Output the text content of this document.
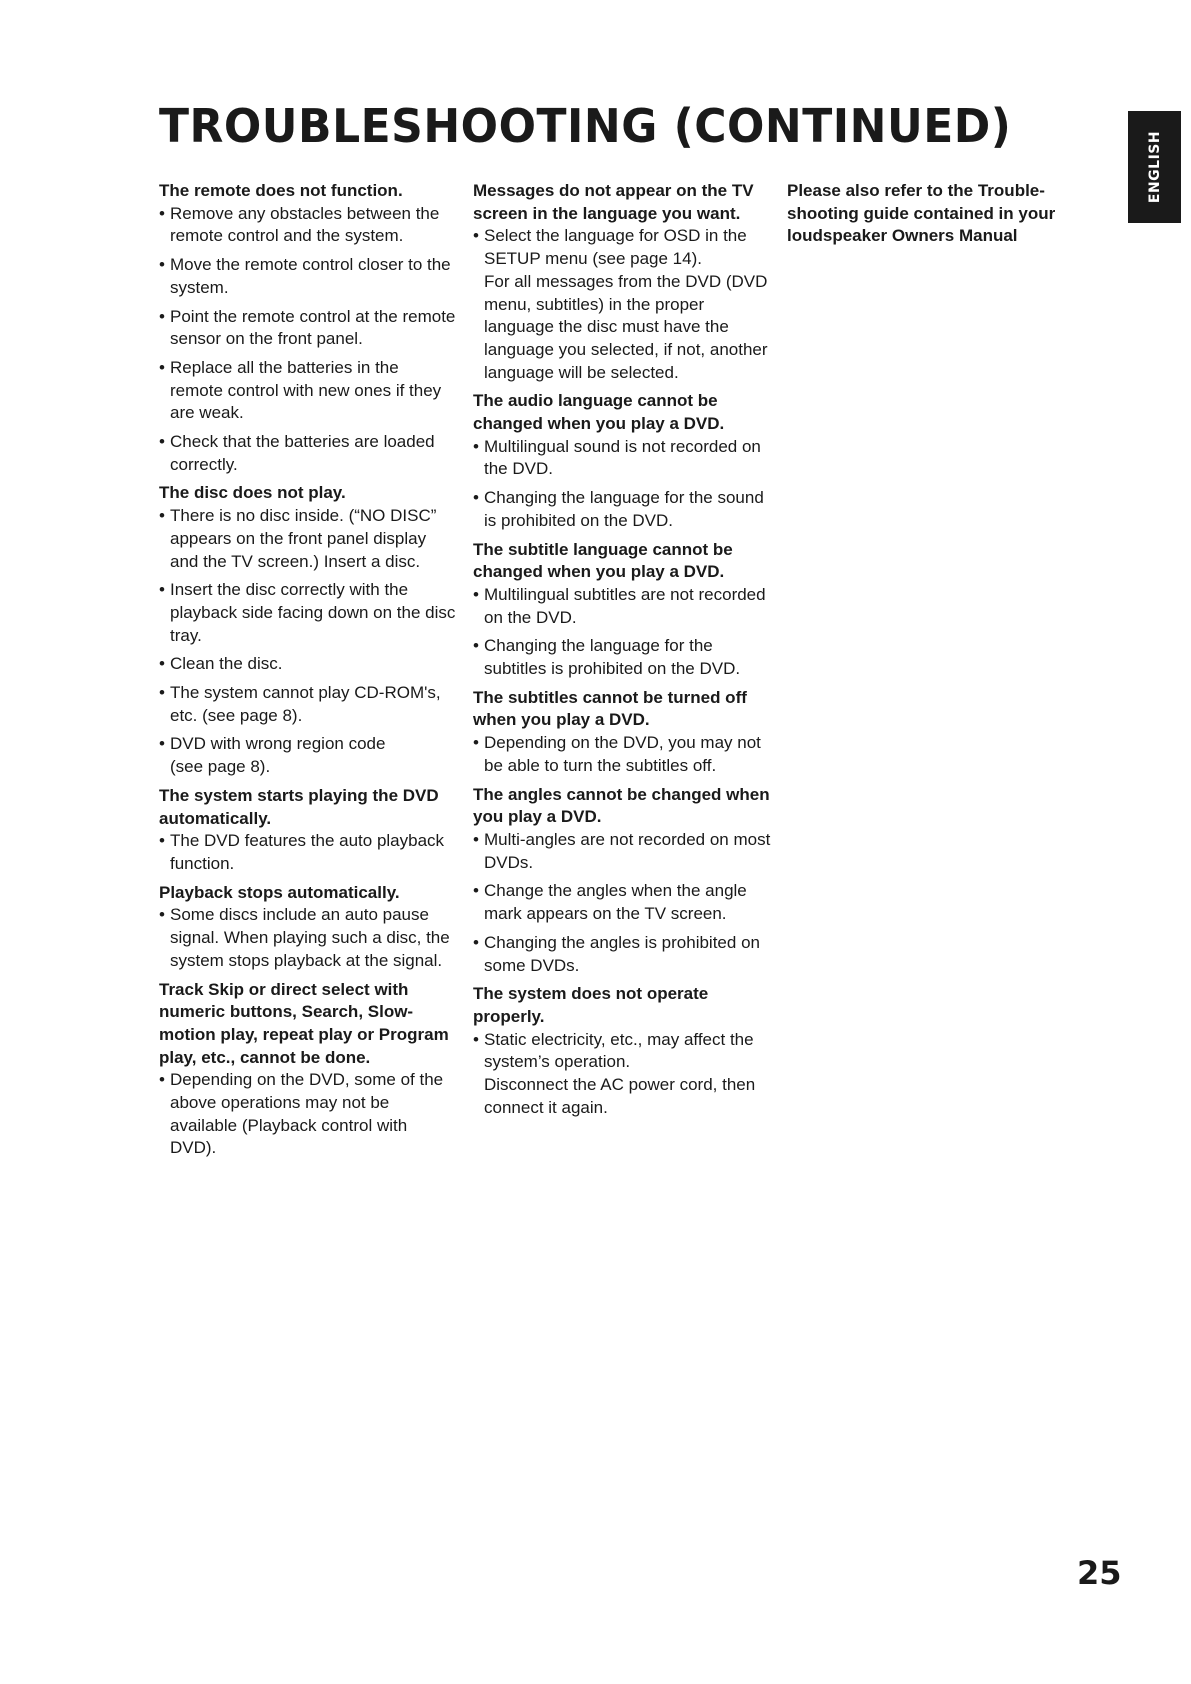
TROUBLESHOOTING (CONTINUED)
ENGLISH

The remote does not function.

• Remove any obstacles between the remote control and the system.
• Move the remote control closer to the system.
• Point the remote control at the remote sensor on the front panel.
• Replace all the batteries in the remote control with new ones if they are weak.
• Check that the batteries are loaded correctly.

The disc does not play.

• There is no disc inside. (“NO DISC” appears on the front panel display and the TV screen.) Insert a disc.
• Insert the disc correctly with the playback side facing down on the disc tray.
• Clean the disc.
• The system cannot play CD-ROM's, etc. (see page 8).
• DVD with wrong region code
(see page 8).

The system starts playing the DVD automatically.

• The DVD features the auto playback function.

Playback stops automatically.

• Some discs include an auto pause signal. When playing such a disc, the system stops playback at the signal.

Track Skip or direct select with numeric buttons, Search, Slow-motion play, repeat play or Program play, etc., cannot be done.

• Depending on the DVD, some of the above operations may not be available (Playback control with DVD).

Messages do not appear on the TV screen in the language you want.

• Select the language for OSD in the SETUP menu (see page 14).
For all messages from the DVD (DVD menu, subtitles) in the proper language the disc must have the language you selected, if not, another language will be selected.

The audio language cannot be changed when you play a DVD.

• Multilingual sound is not recorded on the DVD.
• Changing the language for the sound is prohibited on the DVD.

The subtitle language cannot be changed when you play a DVD.

• Multilingual subtitles are not recorded on the DVD.
• Changing the language for the subtitles is prohibited on the DVD.

The subtitles cannot be turned off when you play a DVD.

• Depending on the DVD, you may not be able to turn the subtitles off.

The angles cannot be changed when you play a DVD.

• Multi-angles are not recorded on most DVDs.
• Change the angles when the angle mark appears on the TV screen.
• Changing the angles is prohibited on some DVDs.

The system does not operate properly.

• Static electricity, etc., may affect the system’s operation.
Disconnect the AC power cord, then connect it again.

Please also refer to the Trouble-shooting guide contained in your loudspeaker Owners Manual

25
